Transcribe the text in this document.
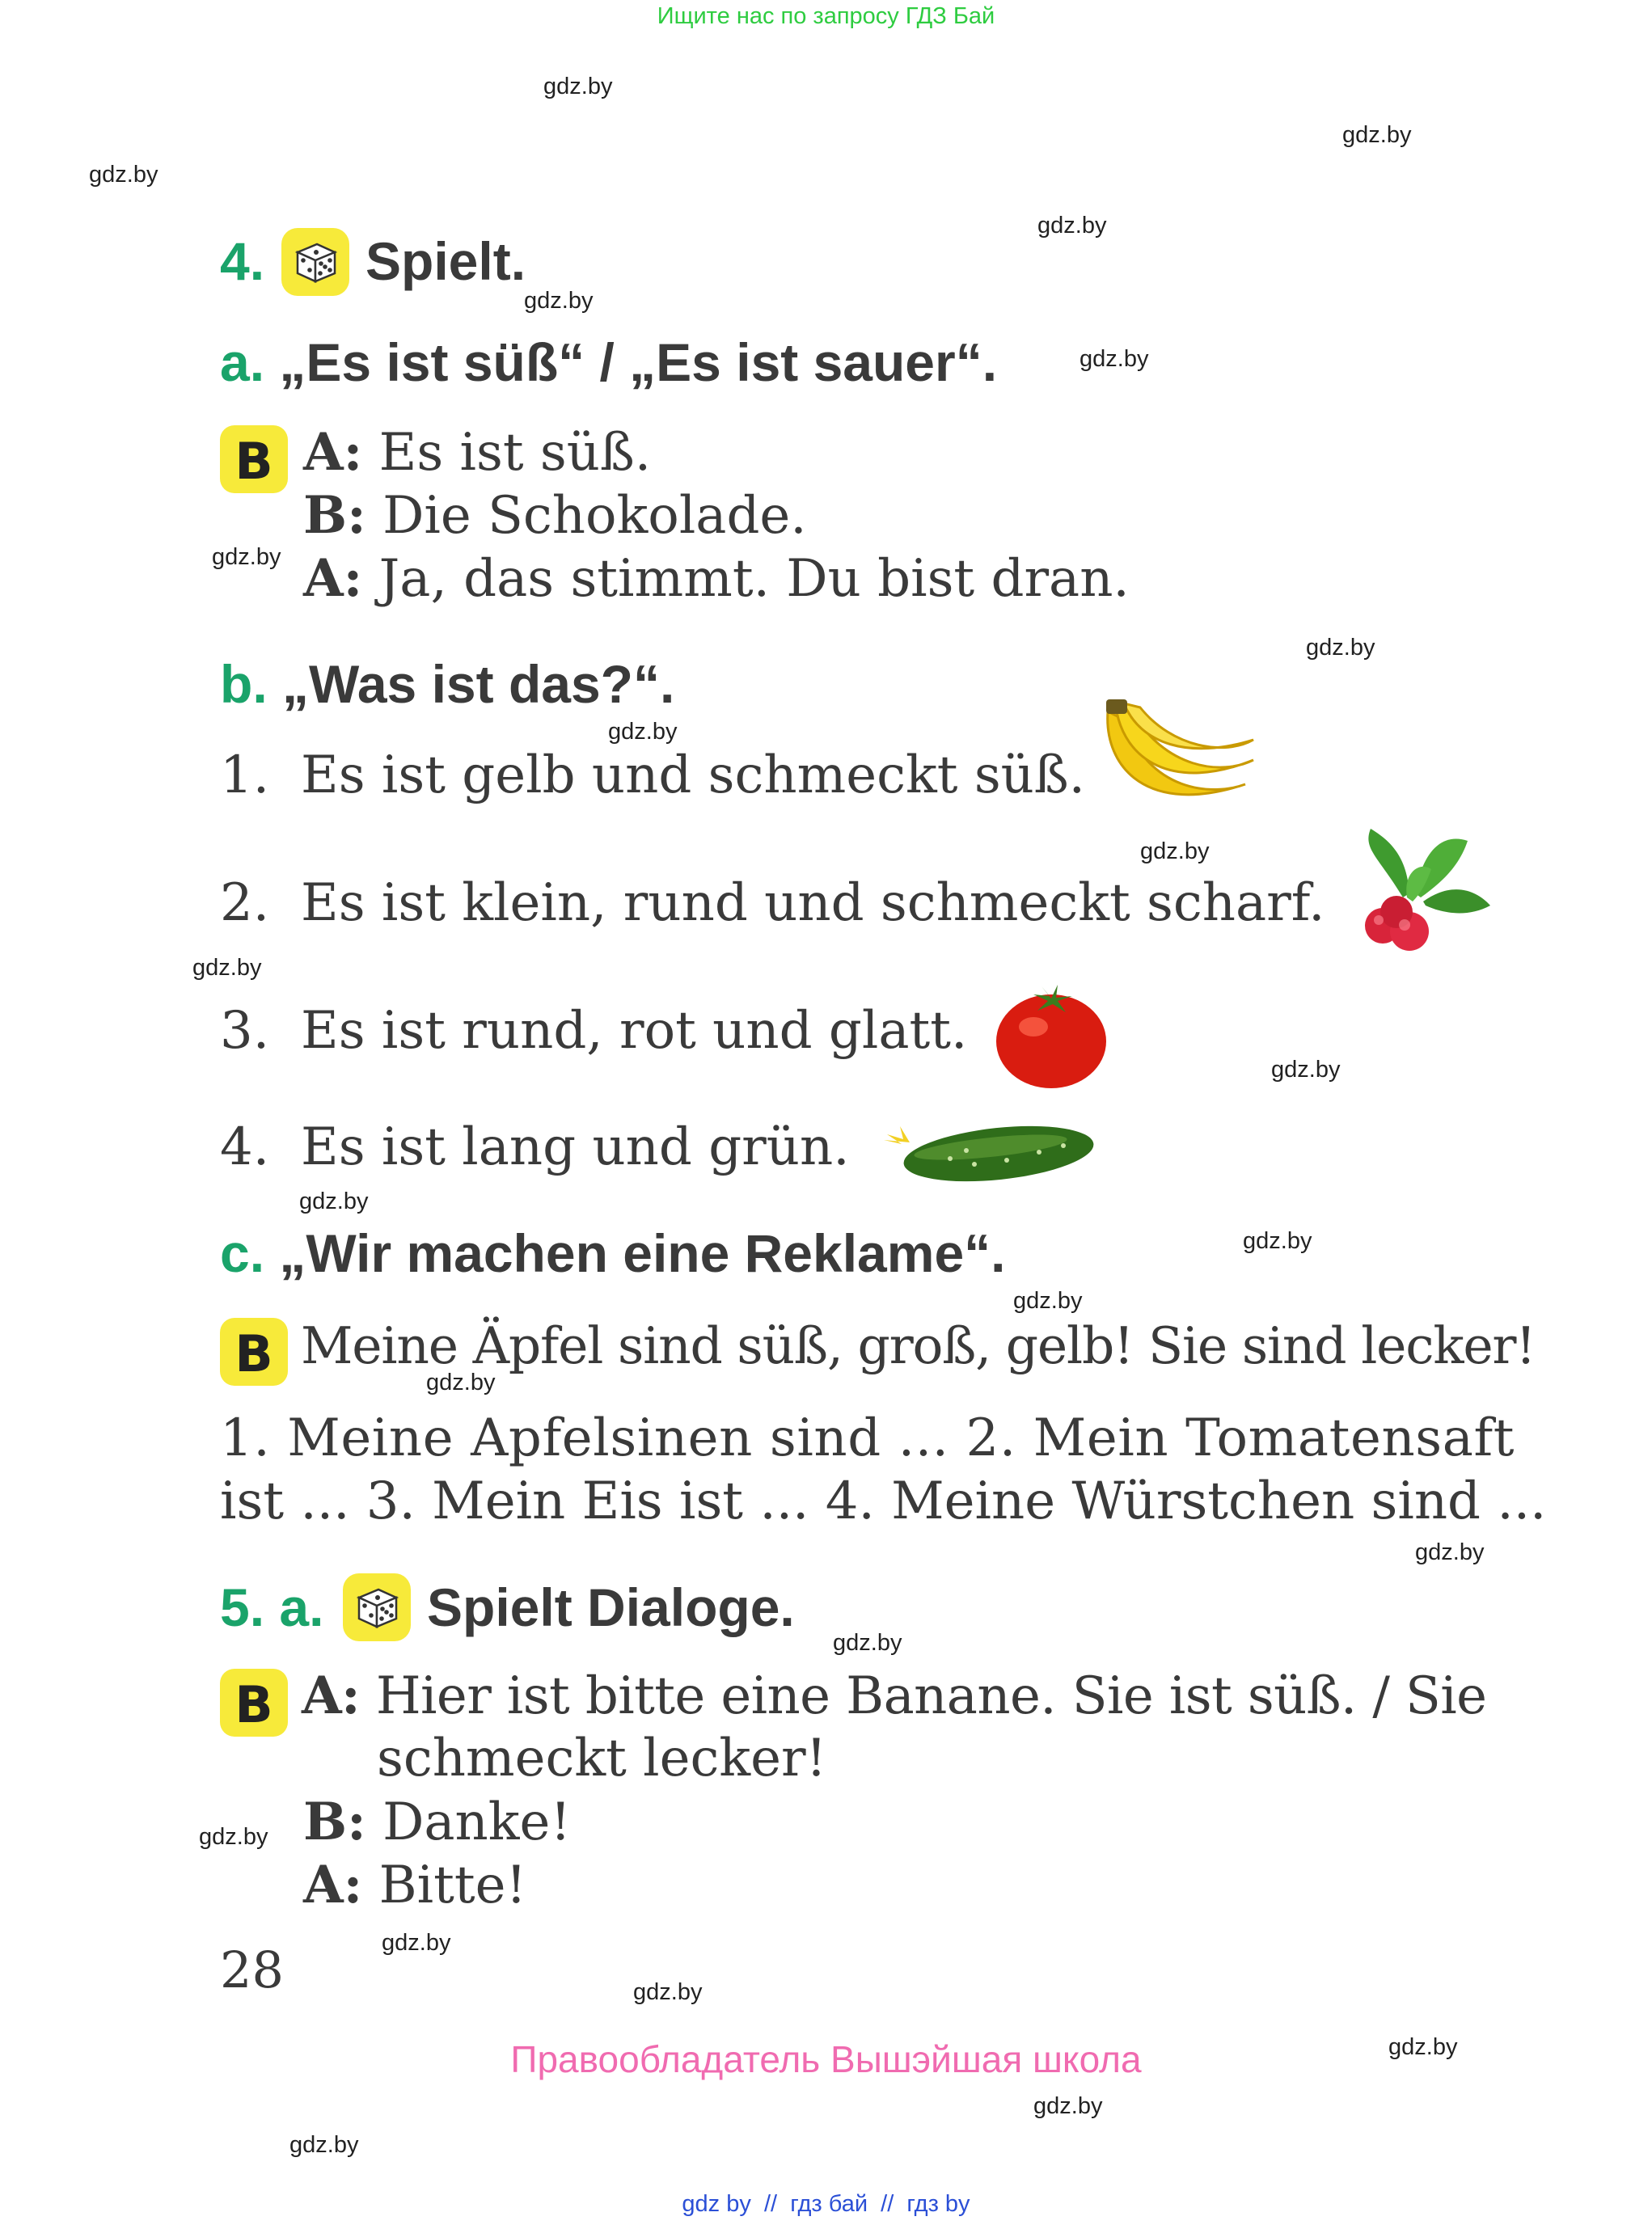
Ищите нас по запросу ГДЗ Бай
gdz.by
gdz.by
gdz.by
gdz.by
gdz.by
gdz.by
gdz.by
gdz.by
gdz.by
gdz.by
gdz.by
gdz.by
gdz.by
gdz.by
gdz.by
gdz.by
gdz.by
gdz.by
gdz.by
gdz.by
gdz.by
gdz.by
gdz.by
gdz.by
4. Spielt.
a. „Es ist süß“ / „Es ist sauer“.
B A: Es ist süß.
B: Die Schokolade.
A: Ja, das stimmt. Du bist dran.
b. „Was ist das?“.
1. Es ist gelb und schmeckt süß.
2. Es ist klein, rund und schmeckt scharf.
3. Es ist rund, rot und glatt.
4. Es ist lang und grün.
c. „Wir machen eine Reklame“.
B Meine Äpfel sind süß, groß, gelb! Sie sind lecker!
1. Meine Apfelsinen sind ... 2. Mein Tomatensaft
ist ... 3. Mein Eis ist ... 4. Meine Würstchen sind ...
5. a. Spielt Dialoge.
B A: Hier ist bitte eine Banane. Sie ist süß. / Sie
schmeckt lecker!
B: Danke!
A: Bitte!
28
Правообладатель Вышэйшая школа
gdz by  //  гдз бай  //  гдз by
